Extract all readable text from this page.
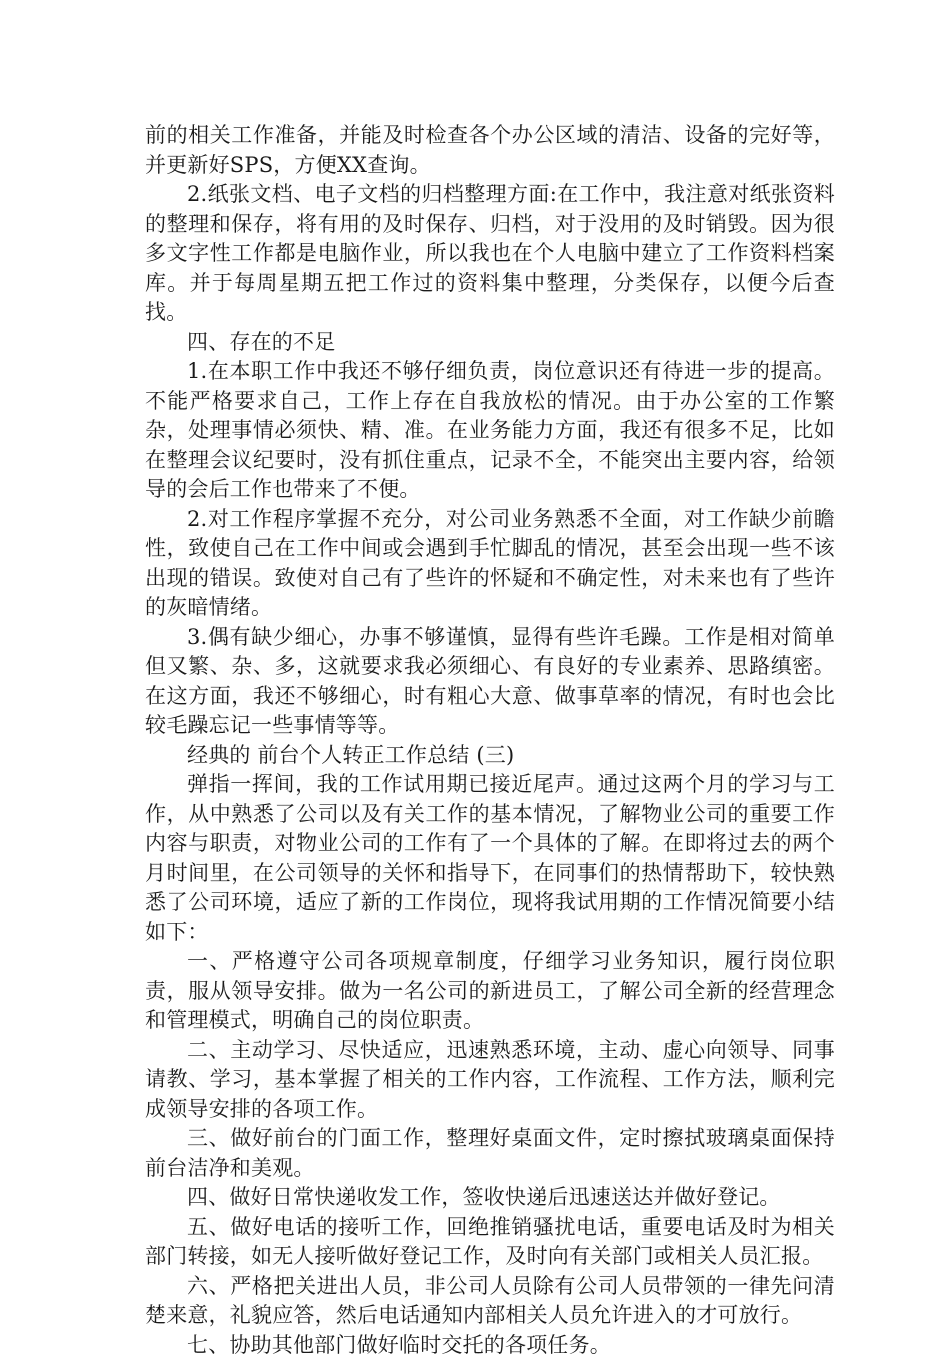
前的相关工作准备，并能及时检查各个办公区域的清洁、设备的完好等，并更新好SPS，方便XX查询。

2.纸张文档、电子文档的归档整理方面:在工作中，我注意对纸张资料的整理和保存，将有用的及时保存、归档，对于没用的及时销毁。因为很多文字性工作都是电脑作业，所以我也在个人电脑中建立了工作资料档案库。并于每周星期五把工作过的资料集中整理，分类保存，以便今后查找。

四、存在的不足

1.在本职工作中我还不够仔细负责，岗位意识还有待进一步的提高。不能严格要求自己，工作上存在自我放松的情况。由于办公室的工作繁杂，处理事情必须快、精、准。在业务能力方面，我还有很多不足，比如在整理会议纪要时，没有抓住重点，记录不全，不能突出主要内容，给领导的会后工作也带来了不便。

2.对工作程序掌握不充分，对公司业务熟悉不全面，对工作缺少前瞻性，致使自己在工作中间或会遇到手忙脚乱的情况，甚至会出现一些不该出现的错误。致使对自己有了些许的怀疑和不确定性，对未来也有了些许的灰暗情绪。

3.偶有缺少细心，办事不够谨慎，显得有些许毛躁。工作是相对简单但又繁、杂、多，这就要求我必须细心、有良好的专业素养、思路缜密。在这方面，我还不够细心，时有粗心大意、做事草率的情况，有时也会比较毛躁忘记一些事情等等。

经典的 前台个人转正工作总结 (三)

弹指一挥间，我的工作试用期已接近尾声。通过这两个月的学习与工作，从中熟悉了公司以及有关工作的基本情况，了解物业公司的重要工作内容与职责，对物业公司的工作有了一个具体的了解。在即将过去的两个月时间里，在公司领导的关怀和指导下，在同事们的热情帮助下，较快熟悉了公司环境，适应了新的工作岗位，现将我试用期的工作情况简要小结如下：

一、严格遵守公司各项规章制度，仔细学习业务知识，履行岗位职责，服从领导安排。做为一名公司的新进员工，了解公司全新的经营理念和管理模式，明确自己的岗位职责。

二、主动学习、尽快适应，迅速熟悉环境，主动、虚心向领导、同事请教、学习，基本掌握了相关的工作内容，工作流程、工作方法，顺利完成领导安排的各项工作。

三、做好前台的门面工作，整理好桌面文件，定时擦拭玻璃桌面保持前台洁净和美观。

四、做好日常快递收发工作，签收快递后迅速送达并做好登记。

五、做好电话的接听工作，回绝推销骚扰电话，重要电话及时为相关部门转接，如无人接听做好登记工作，及时向有关部门或相关人员汇报。

六、严格把关进出人员，非公司人员除有公司人员带领的一律先问清楚来意，礼貌应答，然后电话通知内部相关人员允许进入的才可放行。

七、协助其他部门做好临时交托的各项任务。
